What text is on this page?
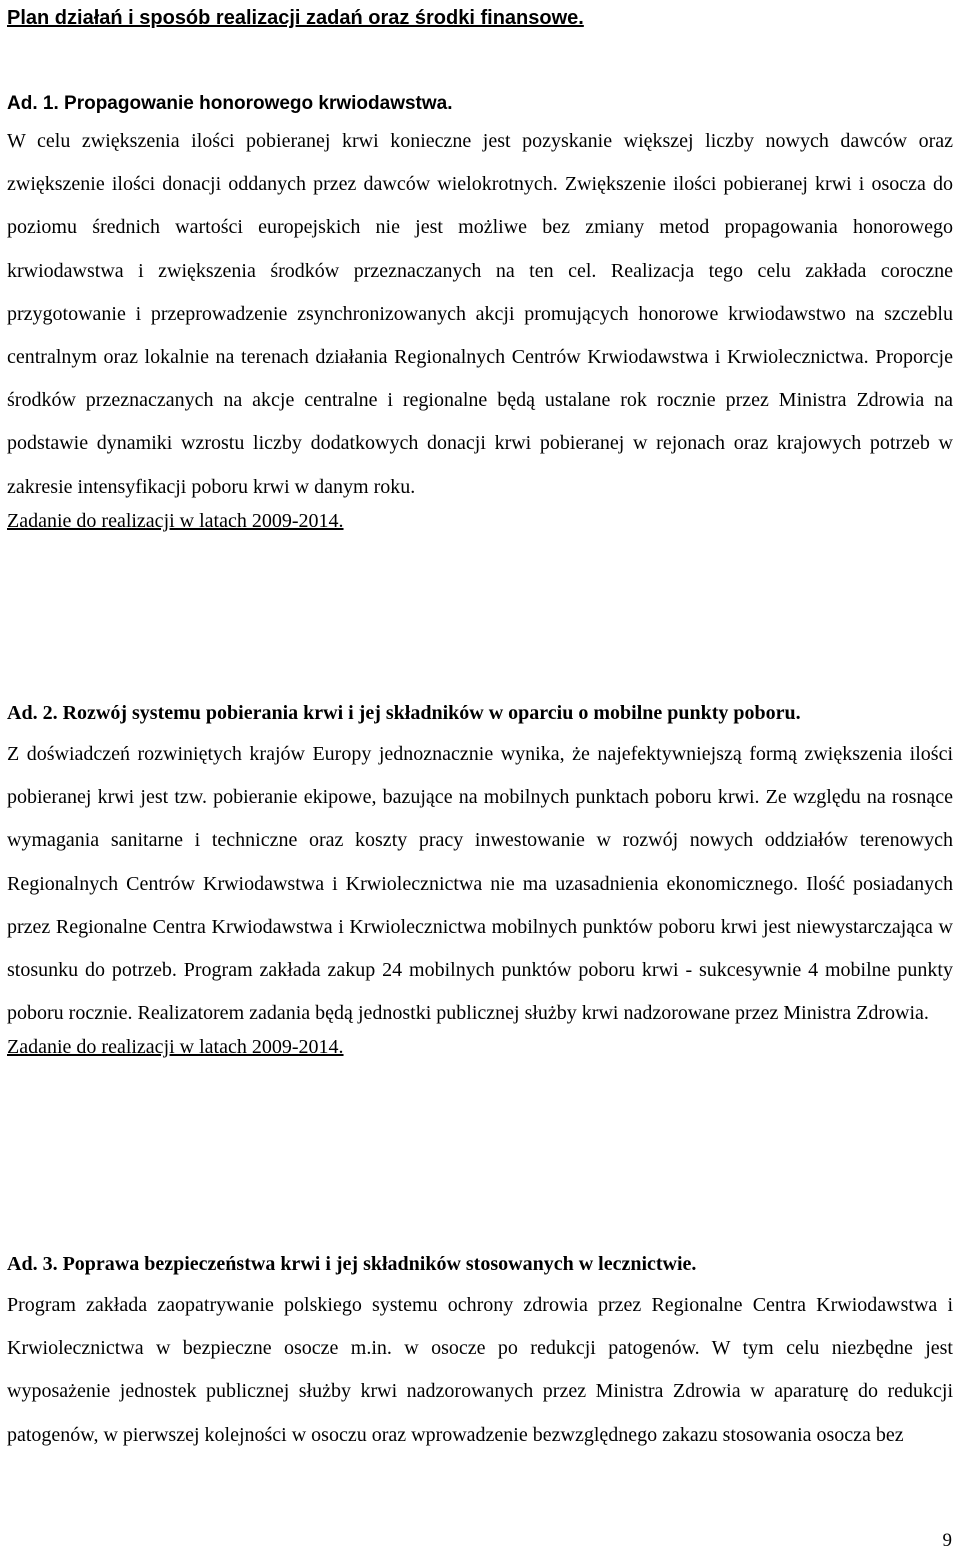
Plan działań i sposób realizacji zadań oraz środki finansowe.

Ad. 1. Propagowanie honorowego krwiodawstwa.

W celu zwiększenia ilości pobieranej krwi konieczne jest pozyskanie większej liczby nowych dawców oraz zwiększenie ilości donacji oddanych przez dawców wielokrotnych. Zwiększenie ilości pobieranej krwi i osocza do poziomu średnich wartości europejskich nie jest możliwe bez zmiany metod propagowania honorowego krwiodawstwa i zwiększenia środków przeznaczanych na ten cel. Realizacja tego celu zakłada coroczne przygotowanie i przeprowadzenie zsynchronizowanych akcji promujących honorowe krwiodawstwo na szczeblu centralnym oraz lokalnie na terenach działania Regionalnych Centrów Krwiodawstwa i Krwiolecznictwa. Proporcje środków przeznaczanych na akcje centralne i regionalne będą ustalane rok rocznie przez Ministra Zdrowia na podstawie dynamiki wzrostu liczby dodatkowych donacji krwi pobieranej w rejonach oraz krajowych potrzeb w zakresie intensyfikacji poboru krwi w danym roku.

Zadanie do realizacji w latach 2009-2014.

Ad. 2. Rozwój systemu pobierania krwi i jej składników w oparciu o mobilne punkty poboru.

Z doświadczeń rozwiniętych krajów Europy jednoznacznie wynika, że najefektywniejszą formą zwiększenia ilości pobieranej krwi jest tzw. pobieranie ekipowe, bazujące na mobilnych punktach poboru krwi. Ze względu na rosnące wymagania sanitarne i techniczne oraz koszty pracy inwestowanie w rozwój nowych oddziałów terenowych Regionalnych Centrów Krwiodawstwa i Krwiolecznictwa nie ma uzasadnienia ekonomicznego. Ilość posiadanych przez Regionalne Centra Krwiodawstwa i Krwiolecznictwa mobilnych punktów poboru krwi jest niewystarczająca w stosunku do potrzeb. Program zakłada zakup 24 mobilnych punktów poboru krwi - sukcesywnie 4 mobilne punkty poboru rocznie. Realizatorem zadania będą jednostki publicznej służby krwi nadzorowane przez Ministra Zdrowia.

Zadanie do realizacji w latach 2009-2014.

Ad. 3. Poprawa bezpieczeństwa krwi i jej składników stosowanych w lecznictwie.

Program zakłada zaopatrywanie polskiego systemu ochrony zdrowia przez Regionalne Centra Krwiodawstwa i Krwiolecznictwa w bezpieczne osocze m.in. w osocze po redukcji patogenów. W tym celu niezbędne jest wyposażenie jednostek publicznej służby krwi nadzorowanych przez Ministra Zdrowia w aparaturę do redukcji patogenów, w pierwszej kolejności w osoczu oraz wprowadzenie bezwzględnego zakazu stosowania osocza bez

9
